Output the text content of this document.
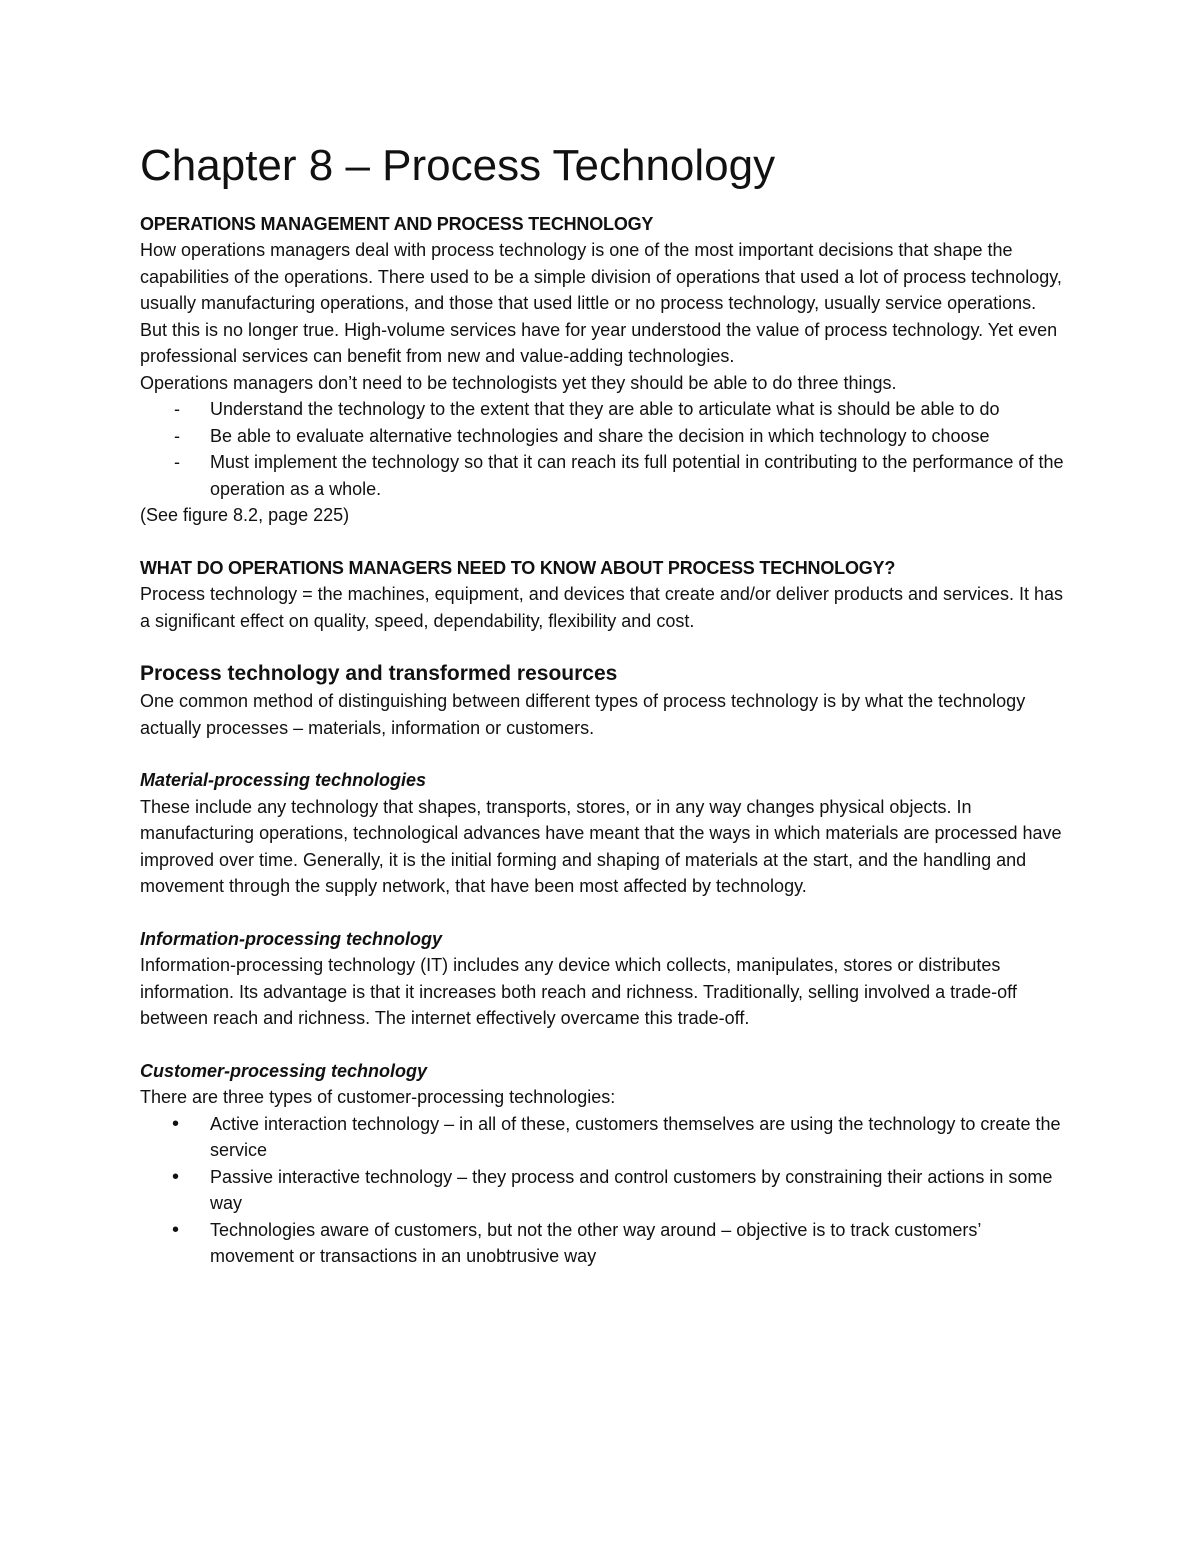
Chapter 8 – Process Technology
OPERATIONS MANAGEMENT AND PROCESS TECHNOLOGY

How operations managers deal with process technology is one of the most important decisions that shape the capabilities of the operations. There used to be a simple division of operations that used a lot of process technology, usually manufacturing operations, and those that used little or no process technology, usually service operations. But this is no longer true. High-volume services have for year understood the value of process technology. Yet even professional services can benefit from new and value-adding technologies.

Operations managers don’t need to be technologists yet they should be able to do three things.

- Understand the technology to the extent that they are able to articulate what is should be able to do
- Be able to evaluate alternative technologies and share the decision in which technology to choose
- Must implement the technology so that it can reach its full potential in contributing to the performance of the operation as a whole.

(See figure 8.2, page 225)

WHAT DO OPERATIONS MANAGERS NEED TO KNOW ABOUT PROCESS TECHNOLOGY?

Process technology = the machines, equipment, and devices that create and/or deliver products and services. It has a significant effect on quality, speed, dependability, flexibility and cost.

Process technology and transformed resources

One common method of distinguishing between different types of process technology is by what the technology actually processes – materials, information or customers.

Material-processing technologies

These include any technology that shapes, transports, stores, or in any way changes physical objects. In manufacturing operations, technological advances have meant that the ways in which materials are processed have improved over time. Generally, it is the initial forming and shaping of materials at the start, and the handling and movement through the supply network, that have been most affected by technology.

Information-processing technology

Information-processing technology (IT) includes any device which collects, manipulates, stores or distributes information. Its advantage is that it increases both reach and richness. Traditionally, selling involved a trade-off between reach and richness. The internet effectively overcame this trade-off.

Customer-processing technology

There are three types of customer-processing technologies:

• Active interaction technology – in all of these, customers themselves are using the technology to create the service
• Passive interactive technology – they process and control customers by constraining their actions in some way
• Technologies aware of customers, but not the other way around – objective is to track customers’ movement or transactions in an unobtrusive way
